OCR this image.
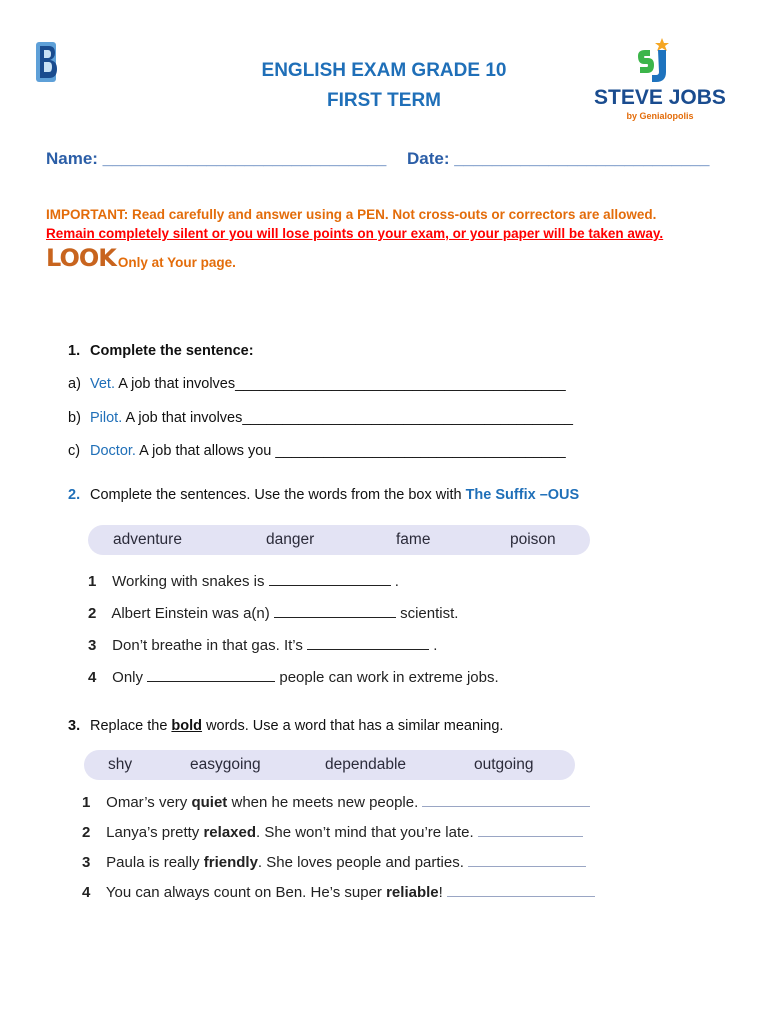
ENGLISH EXAM GRADE 10
FIRST TERM	STEVE JOBS
by Genialopolis
Name: ______________________________ Date: ___________________________
IMPORTANT: Read carefully and answer using a PEN. Not cross-outs or correctors are allowed.
Remain completely silent or you will lose points on your exam, or your paper will be taken away.
LOOK Only at Your page.
1. Complete the sentence:
a) Vet. A job that involves_________________________________________
b) Pilot. A job that involves_________________________________________
c) Doctor. A job that allows you ____________________________________
2. Complete the sentences. Use the words from the box with The Suffix –OUS
adventure	danger	fame	poison
1 Working with snakes is	.
2 Albert Einstein was a(n)	scientist.
3 Don’t breathe in that gas. It’s	.
4 Only	people can work in extreme jobs.
3. Replace the bold words. Use a word that has a similar meaning.
shy	easygoing	dependable	outgoing
1 Omar’s very quiet when he meets new people.
2 Lanya’s pretty relaxed. She won’t mind that you’re late.
3 Paula is really friendly. She loves people and parties.
4 You can always count on Ben. He’s super reliable!
